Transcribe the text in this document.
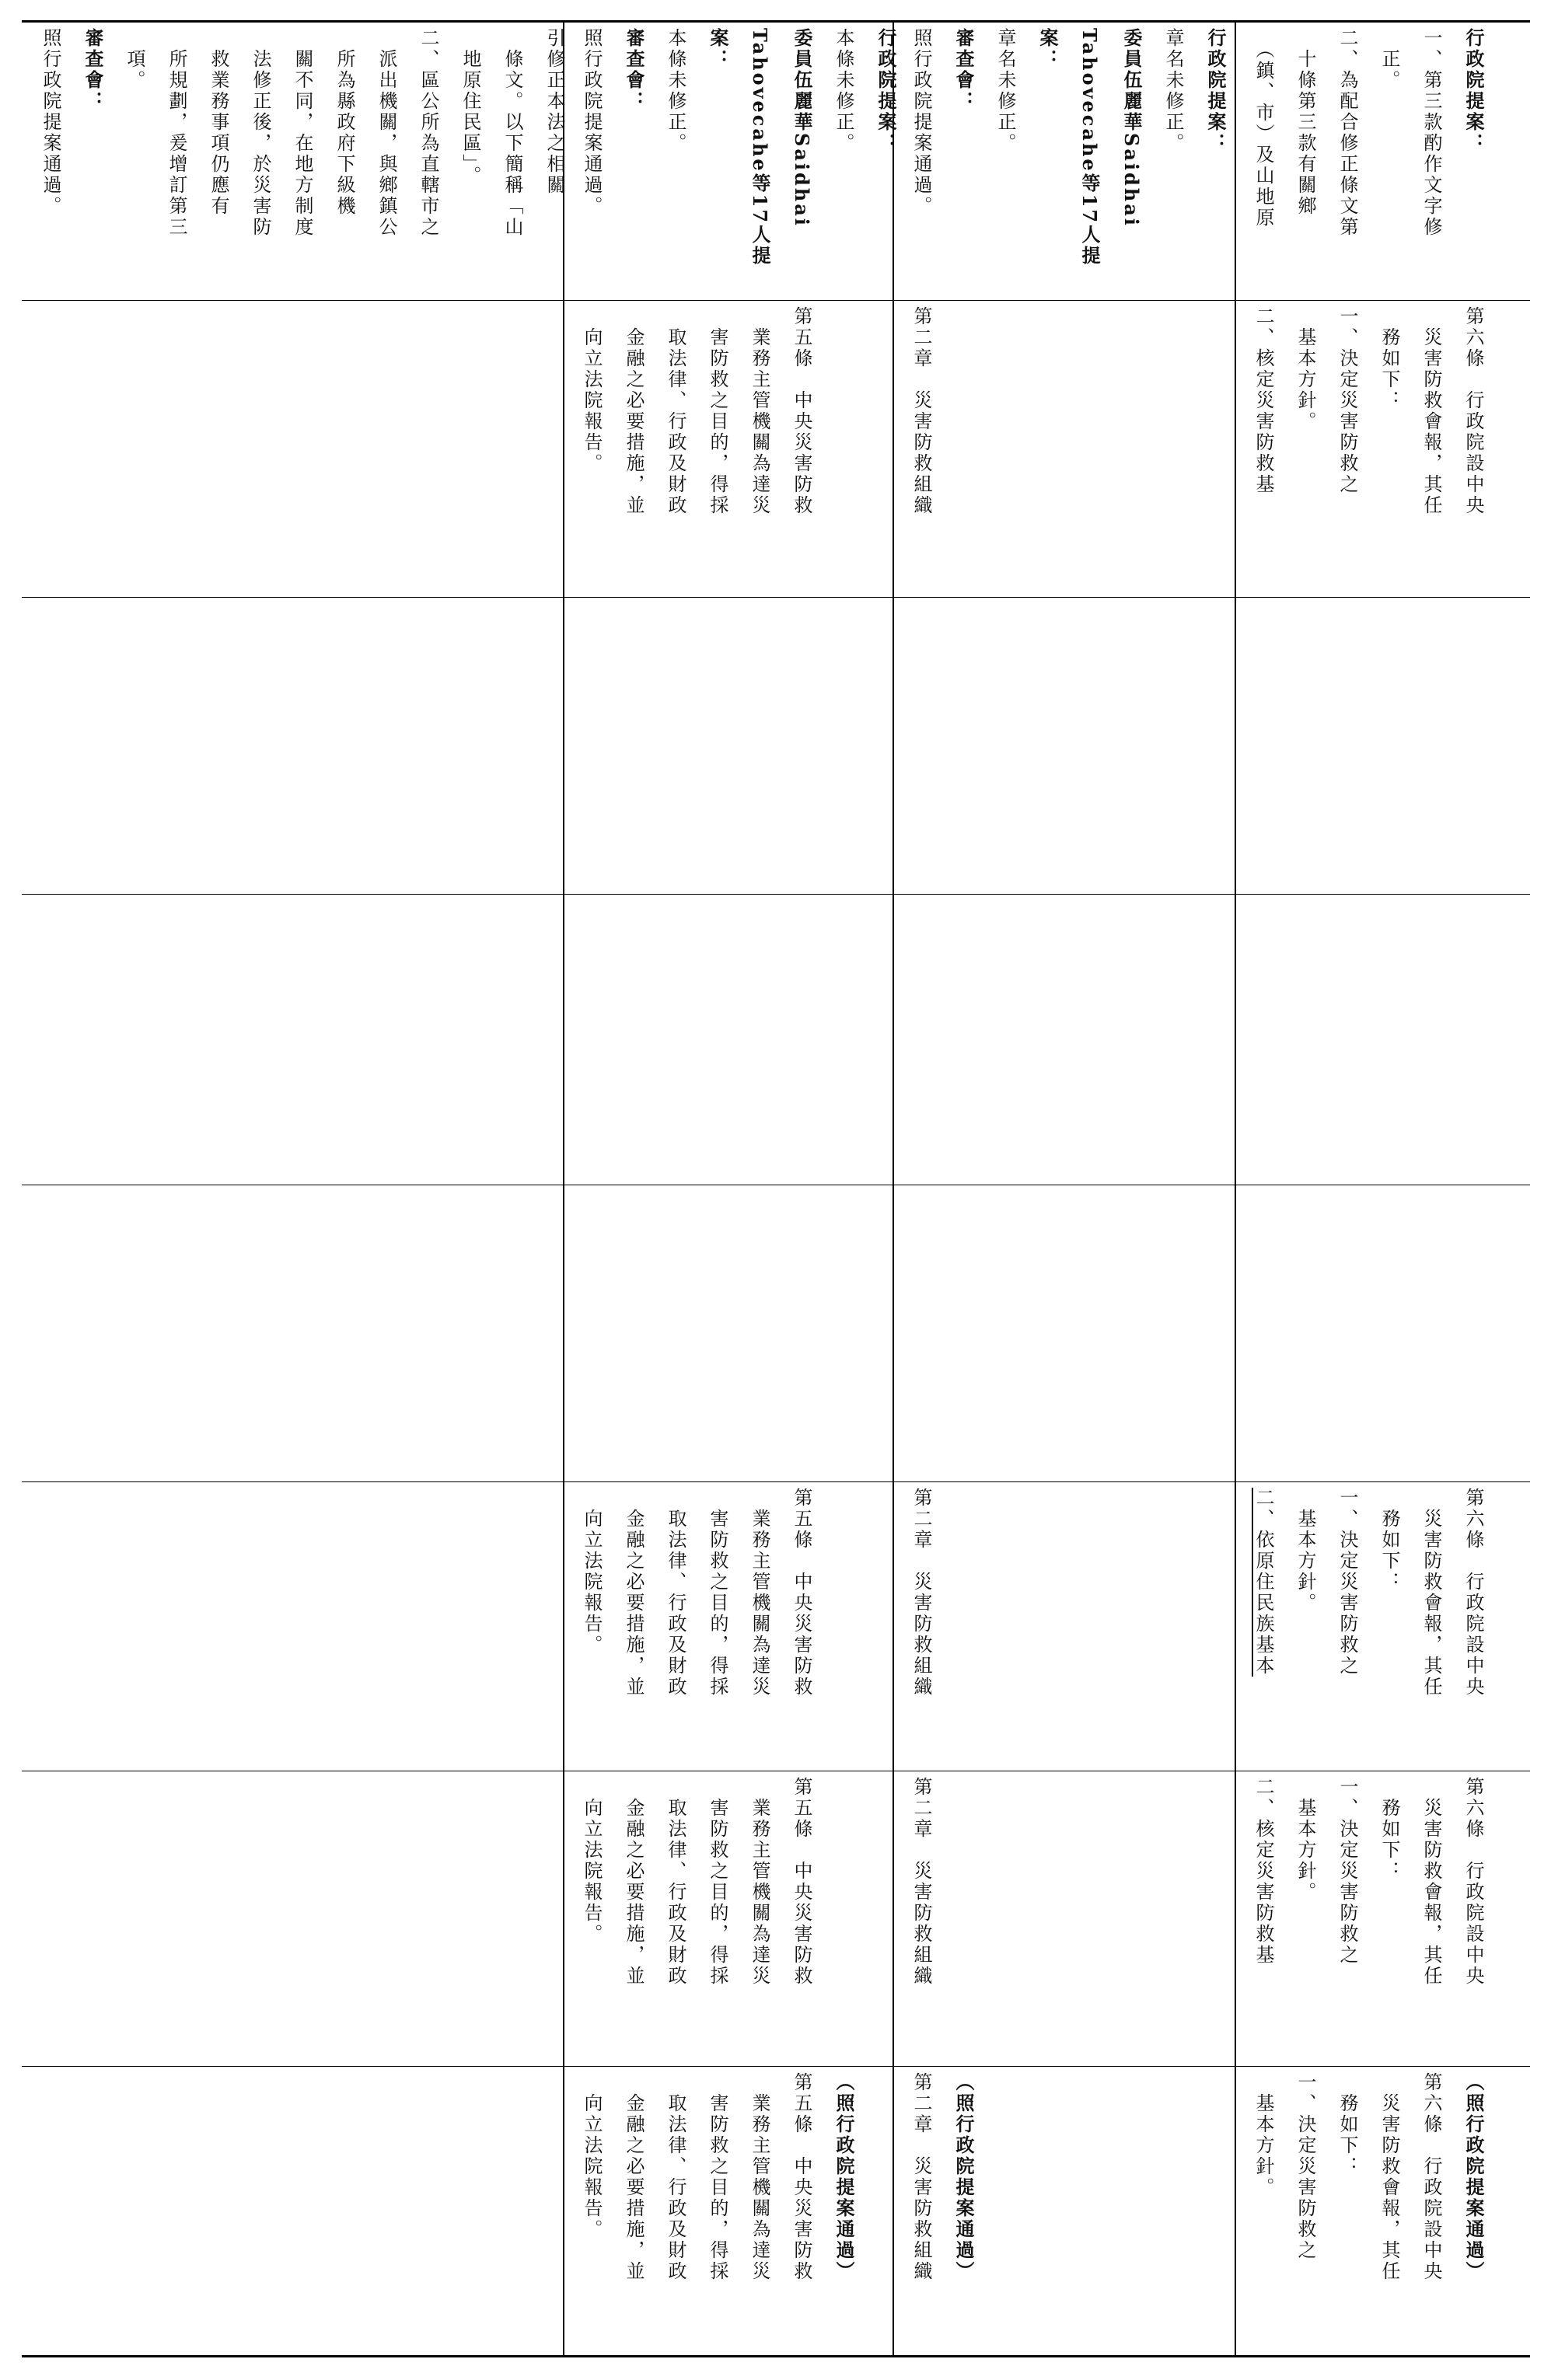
引修正本法之相關
　條文。以下簡稱「山
　地原住民區」。
二、區公所為直轄市之
　派出機關，與鄉鎮公
　所為縣政府下級機
　關不同，在地方制度
　法修正後，於災害防
　救業務事項仍應有
　所規劃，爰增訂第三
　項。
審查會：
照行政院提案通過。	行政院提案：
本條未修正。
委員伍麗華Saidhai
Tahovecahe等17人提
案：
本條未修正。
審查會：
照行政院提案通過。
第五條　中央災害防救
　業務主管機關為達災
　害防救之目的，得採
　取法律、行政及財政
　金融之必要措施，並
　向立法院報告。
第五條　中央災害防救
　業務主管機關為達災
　害防救之目的，得採
　取法律、行政及財政
　金融之必要措施，並
　向立法院報告。
第五條　中央災害防救
　業務主管機關為達災
　害防救之目的，得採
　取法律、行政及財政
　金融之必要措施，並
　向立法院報告。
（照行政院提案通過）
第五條　中央災害防救
　業務主管機關為達災
　害防救之目的，得採
　取法律、行政及財政
　金融之必要措施，並
　向立法院報告。
行政院提案：
章名未修正。
委員伍麗華Saidhai
Tahovecahe等17人提
案：
章名未修正。
審查會：
照行政院提案通過。
第二章　災害防救組織
第二章　災害防救組織
第二章　災害防救組織
（照行政院提案通過）
第二章　災害防救組織
行政院提案：
一、第三款酌作文字修
　正。
二、為配合修正條文第
　十條第三款有關鄉
　（鎮、市）及山地原
第六條　行政院設中央
　災害防救會報，其任
　務如下：
一、決定災害防救之
　基本方針。
二、核定災害防救基
第六條　行政院設中央
　災害防救會報，其任
　務如下：
一、決定災害防救之
　基本方針。
二、依原住民族基本
第六條　行政院設中央
　災害防救會報，其任
　務如下：
一、決定災害防救之
　基本方針。
二、核定災害防救基
（照行政院提案通過）
第六條　行政院設中央
　災害防救會報，其任
　務如下：
一、決定災害防救之
　基本方針。
